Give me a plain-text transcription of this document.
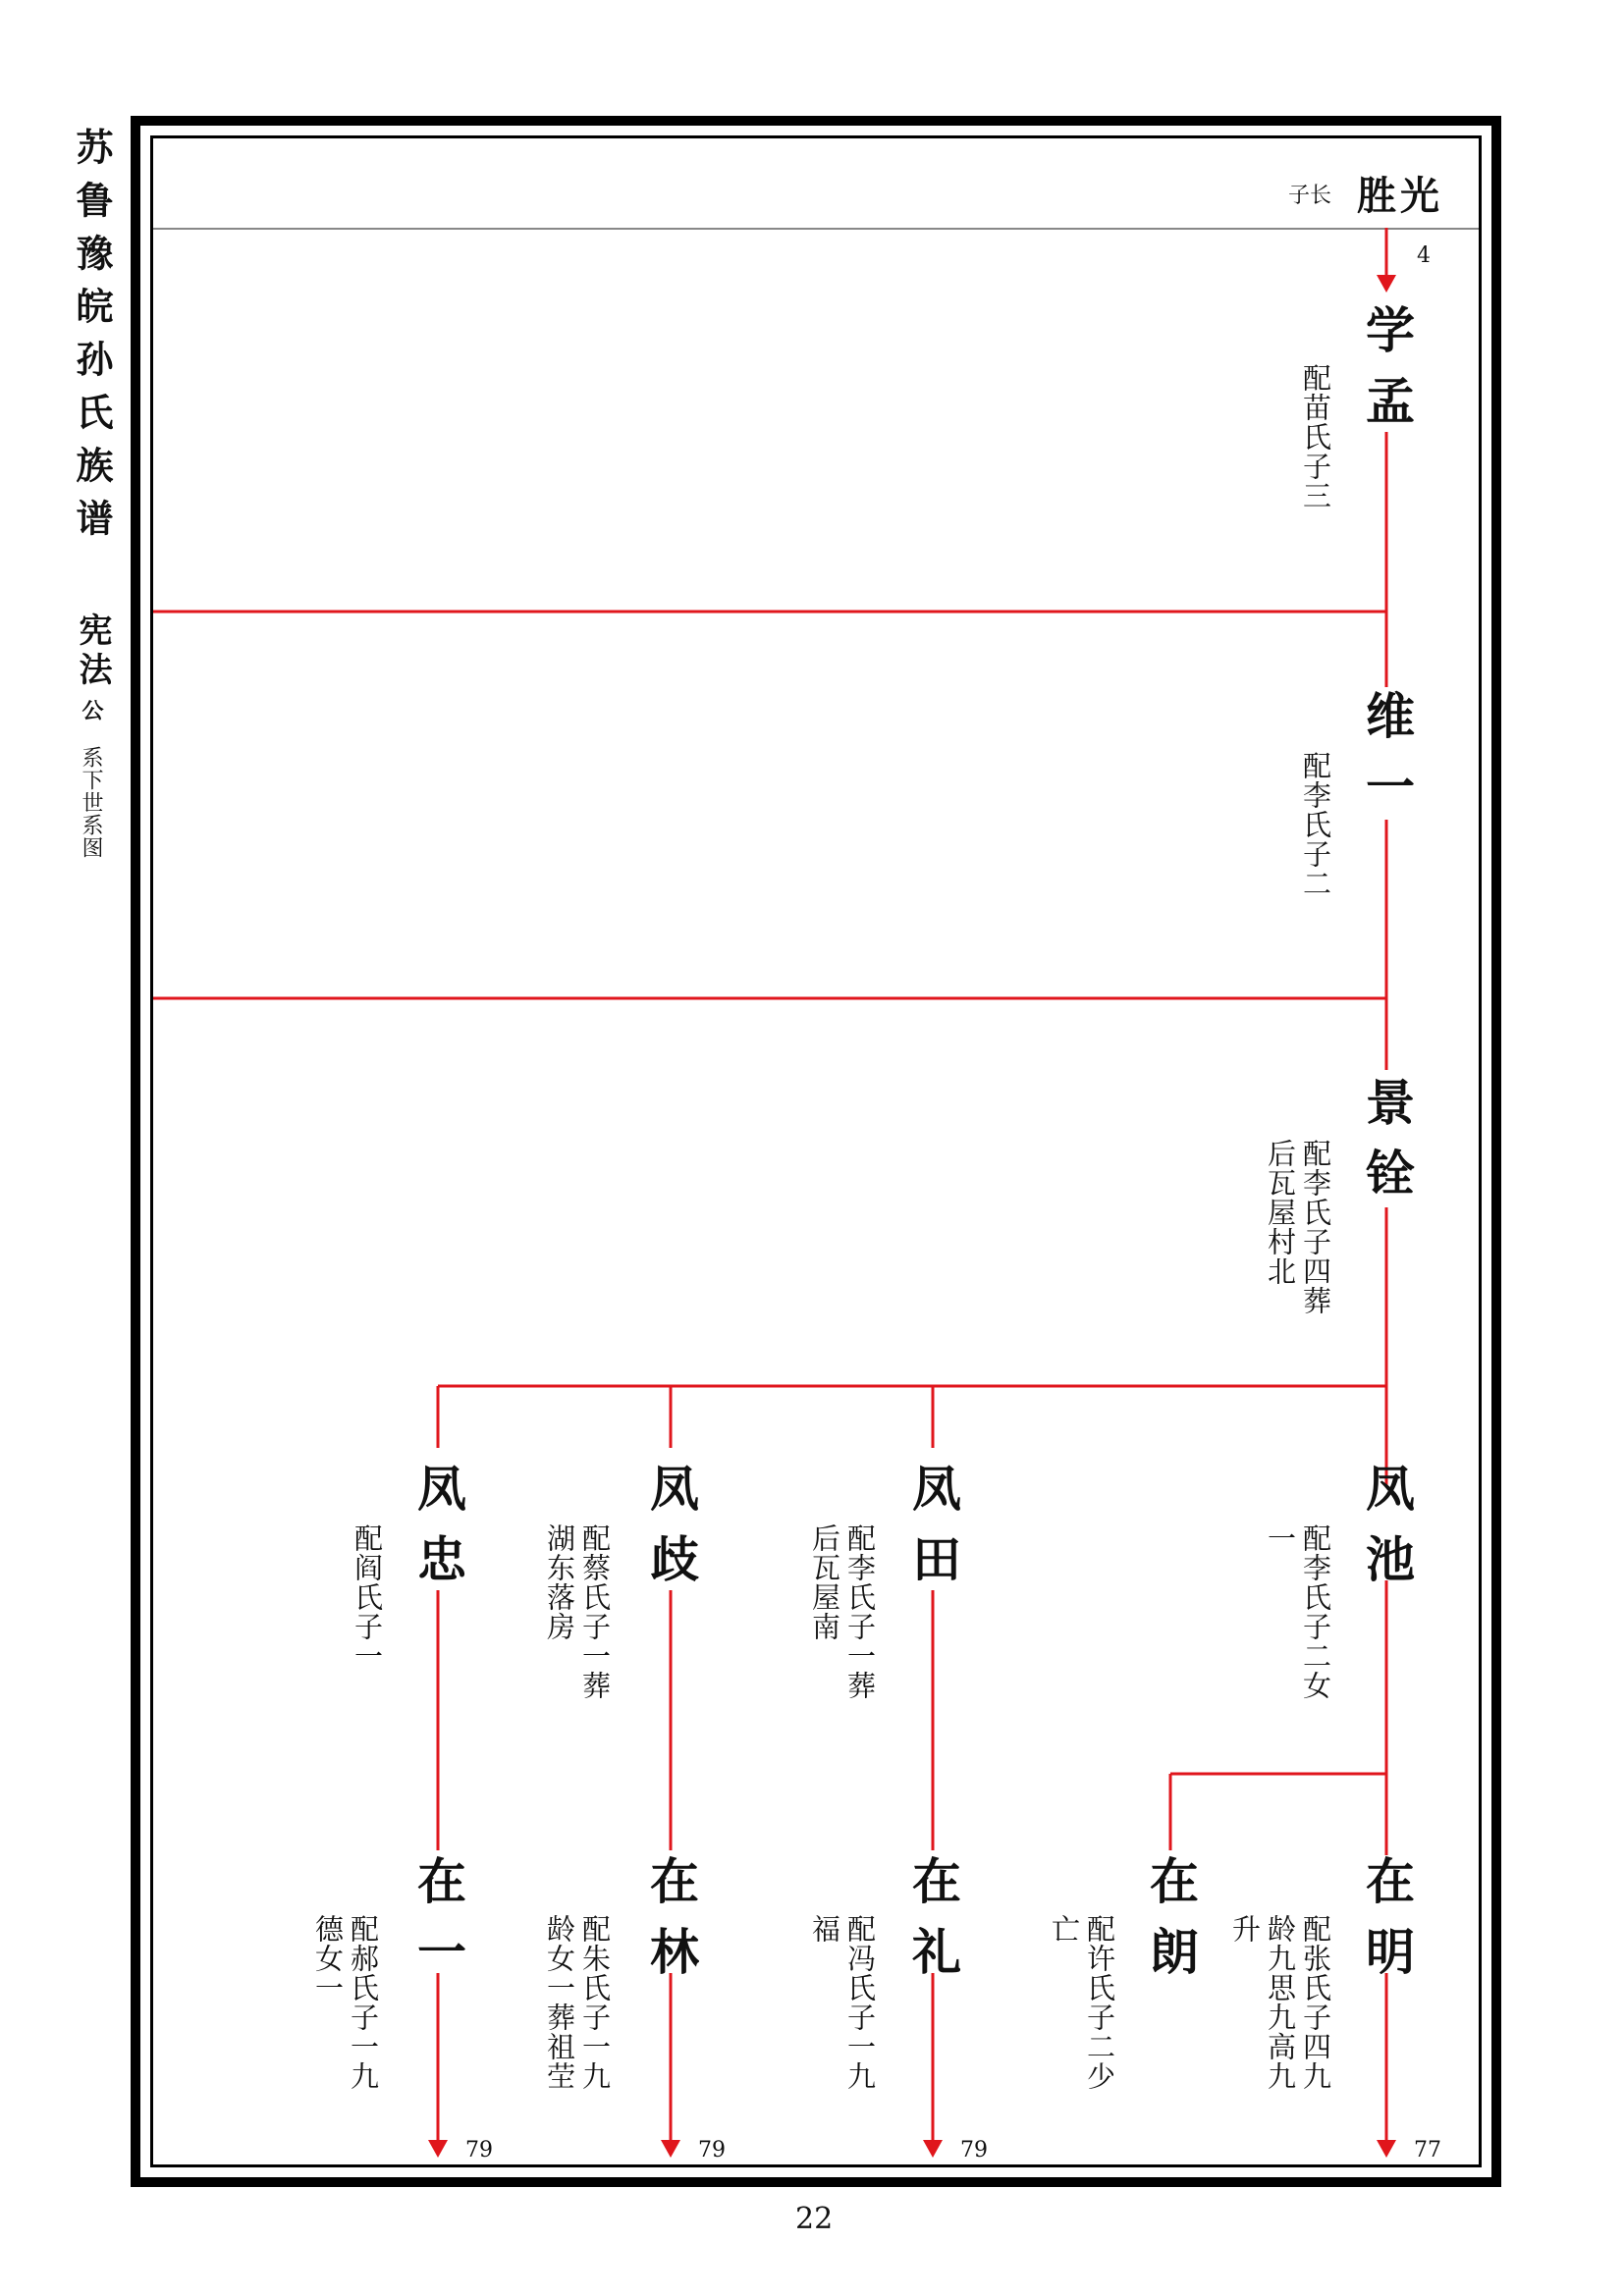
苏鲁豫皖孙氏族谱
宪法
公
系下世系图
子长 胜光
4
学孟
配苗氏子三
维一
配李氏子二
景铨
配李氏子四葬
后瓦屋村北
凤池
配李氏子二女
一
凤田
配李氏子一葬
后瓦屋南
凤歧
配蔡氏子一葬
湖东落房
凤忠
配阎氏子一
在明
配张氏子四九
龄九思九高九
升
在朗
配许氏子二少
亡
在礼
配冯氏子一九
福
在林
配朱氏子一九
龄女一葬祖茔
在一
配郝氏子一九
德女一
77
79
79
79
22
